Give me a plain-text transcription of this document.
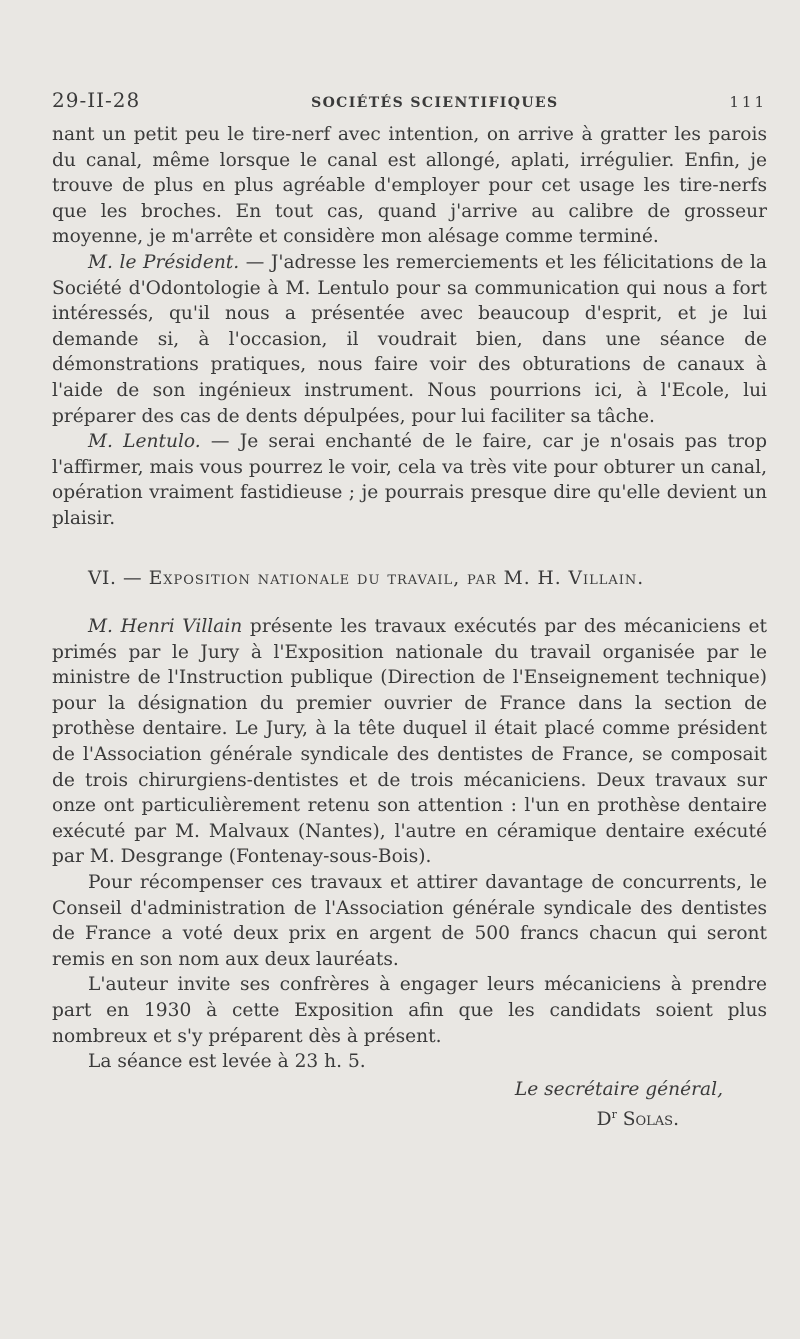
29-II-28	SOCIÉTÉS SCIENTIFIQUES	111

nant un petit peu le tire-nerf avec intention, on arrive à gratter les parois du canal, même lorsque le canal est allongé, aplati, irrégulier. Enfin, je trouve de plus en plus agréable d'employer pour cet usage les tire-nerfs que les broches. En tout cas, quand j'arrive au calibre de grosseur moyenne, je m'arrête et considère mon alésage comme terminé.

M. le Président. — J'adresse les remerciements et les félicitations de la Société d'Odontologie à M. Lentulo pour sa communication qui nous a fort intéressés, qu'il nous a présentée avec beaucoup d'esprit, et je lui demande si, à l'occasion, il voudrait bien, dans une séance de démonstrations pratiques, nous faire voir des obturations de canaux à l'aide de son ingénieux instrument. Nous pourrions ici, à l'Ecole, lui préparer des cas de dents dépulpées, pour lui faciliter sa tâche.

M. Lentulo. — Je serai enchanté de le faire, car je n'osais pas trop l'affirmer, mais vous pourrez le voir, cela va très vite pour obturer un canal, opération vraiment fastidieuse ; je pourrais presque dire qu'elle devient un plaisir.

VI. — Exposition nationale du travail, par M. H. Villain.

M. Henri Villain présente les travaux exécutés par des mécaniciens et primés par le Jury à l'Exposition nationale du travail organisée par le ministre de l'Instruction publique (Direction de l'Enseignement technique) pour la désignation du premier ouvrier de France dans la section de prothèse dentaire. Le Jury, à la tête duquel il était placé comme président de l'Association générale syndicale des dentistes de France, se composait de trois chirurgiens-dentistes et de trois mécaniciens. Deux travaux sur onze ont particulièrement retenu son attention : l'un en prothèse dentaire exécuté par M. Malvaux (Nantes), l'autre en céramique dentaire exécuté par M. Desgrange (Fontenay-sous-Bois).

Pour récompenser ces travaux et attirer davantage de concurrents, le Conseil d'administration de l'Association générale syndicale des dentistes de France a voté deux prix en argent de 500 francs chacun qui seront remis en son nom aux deux lauréats.

L'auteur invite ses confrères à engager leurs mécaniciens à prendre part en 1930 à cette Exposition afin que les candidats soient plus nombreux et s'y préparent dès à présent.

La séance est levée à 23 h. 5.

Le secrétaire général,
$D^r$ Solas.
